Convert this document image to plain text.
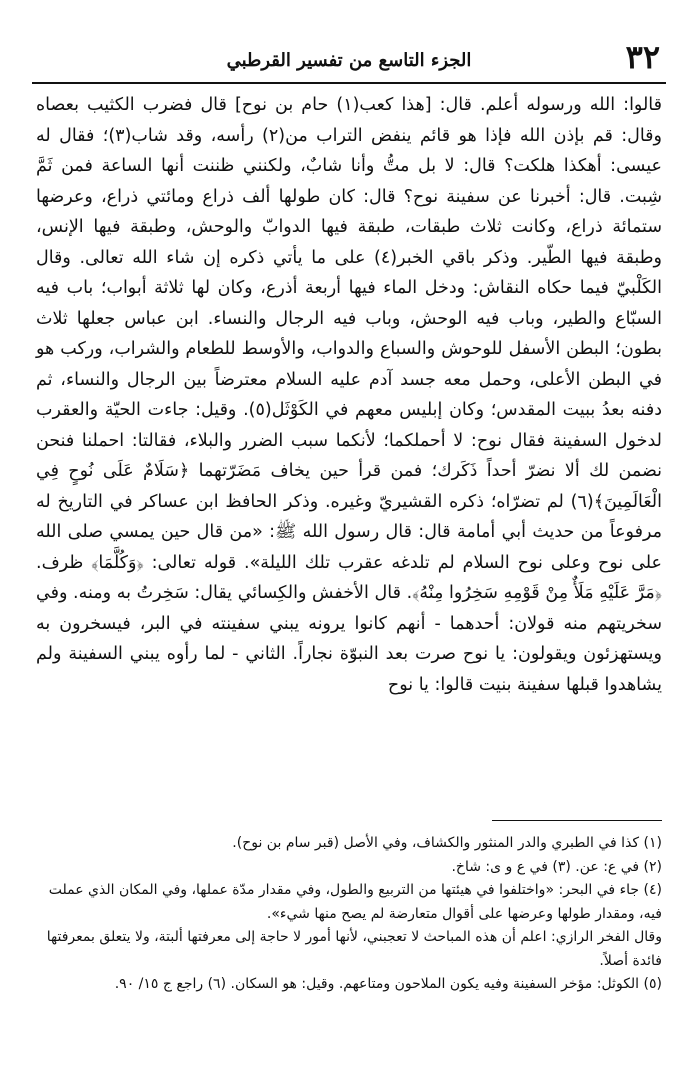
٣٢
الجزء التاسع من تفسير القرطبي

قالوا: الله ورسوله أعلم. قال: [هذا كعب(١) حام بن نوح] قال فضرب الكثيب بعصاه وقال: قم بإذن الله فإذا هو قائم ينفض التراب من(٢) رأسه، وقد شاب(٣)؛ فقال له عيسى: أهكذا هلكت؟ قال: لا بل متُّ وأنا شابٌ، ولكنني ظننت أنها الساعة فمن ثَمَّ شِبت. قال: أخبرنا عن سفينة نوح؟ قال: كان طولها ألف ذراع ومائتي ذراع، وعرضها ستمائة ذراع، وكانت ثلاث طبقات، طبقة فيها الدوابّ والوحش، وطبقة فيها الإنس، وطبقة فيها الطّير. وذكر باقي الخبر(٤) على ما يأتي ذكره إن شاء الله تعالى. وقال الكَلْبيّ فيما حكاه النقاش: ودخل الماء فيها أربعة أذرع، وكان لها ثلاثة أبواب؛ باب فيه السبّاع والطير، وباب فيه الوحش، وباب فيه الرجال والنساء. ابن عباس جعلها ثلاث بطون؛ البطن الأسفل للوحوش والسباع والدواب، والأوسط للطعام والشراب، وركب هو في البطن الأعلى، وحمل معه جسد آدم عليه السلام معترضاً بين الرجال والنساء، ثم دفنه بعدُ ببيت المقدس؛ وكان إبليس معهم في الكَوْثَل(٥). وقيل: جاءت الحيّة والعقرب لدخول السفينة فقال نوح: لا أحملكما؛ لأنكما سبب الضرر والبلاء، فقالتا: احملنا فنحن نضمن لك ألا نضرّ أحداً ذَكَرك؛ فمن قرأ حين يخاف مَضَرّتهما ﴿سَلَامٌ عَلَى نُوحٍ فِي الْعَالَمِينَ﴾(٦) لم تضرّاه؛ ذكره القشيريّ وغيره. وذكر الحافظ ابن عساكر في التاريخ له مرفوعاً من حديث أبي أمامة قال: قال رسول الله ﷺ: «من قال حين يمسي صلى الله على نوح وعلى نوح السلام لم تلدغه عقرب تلك الليلة». قوله تعالى: ﴿وَكُلَّمَا﴾ ظرف. ﴿مَرَّ عَلَيْهِ مَلَأٌ مِنْ قَوْمِهِ سَخِرُوا مِنْهُ﴾. قال الأخفش والكِسائي يقال: سَخِرتُ به ومنه. وفي سخريتهم منه قولان: أحدهما - أنهم كانوا يرونه يبني سفينته في البر، فيسخرون به ويستهزئون ويقولون: يا نوح صرت بعد النبوّة نجاراً. الثاني - لما رأوه يبني السفينة ولم يشاهدوا قبلها سفينة بنيت قالوا: يا نوح

(١) كذا في الطبري والدر المنثور والكشاف، وفي الأصل (قبر سام بن نوح).
(٢) في ع: عن. (٣) في ع و ى: شاخ.
(٤) جاء في البحر: «واختلفوا في هيئتها من التربيع والطول، وفي مقدار مدّة عملها، وفي المكان الذي عملت فيه، ومقدار طولها وعرضها على أقوال متعارضة لم يصح منها شيء».
وقال الفخر الرازي: اعلم أن هذه المباحث لا تعجبني، لأنها أمور لا حاجة إلى معرفتها ألبتة، ولا يتعلق بمعرفتها فائدة أصلاً.
(٥) الكوثل: مؤخر السفينة وفيه يكون الملاحون ومتاعهم. وقيل: هو السكان. (٦) راجع ج ١٥/ ٩٠.
